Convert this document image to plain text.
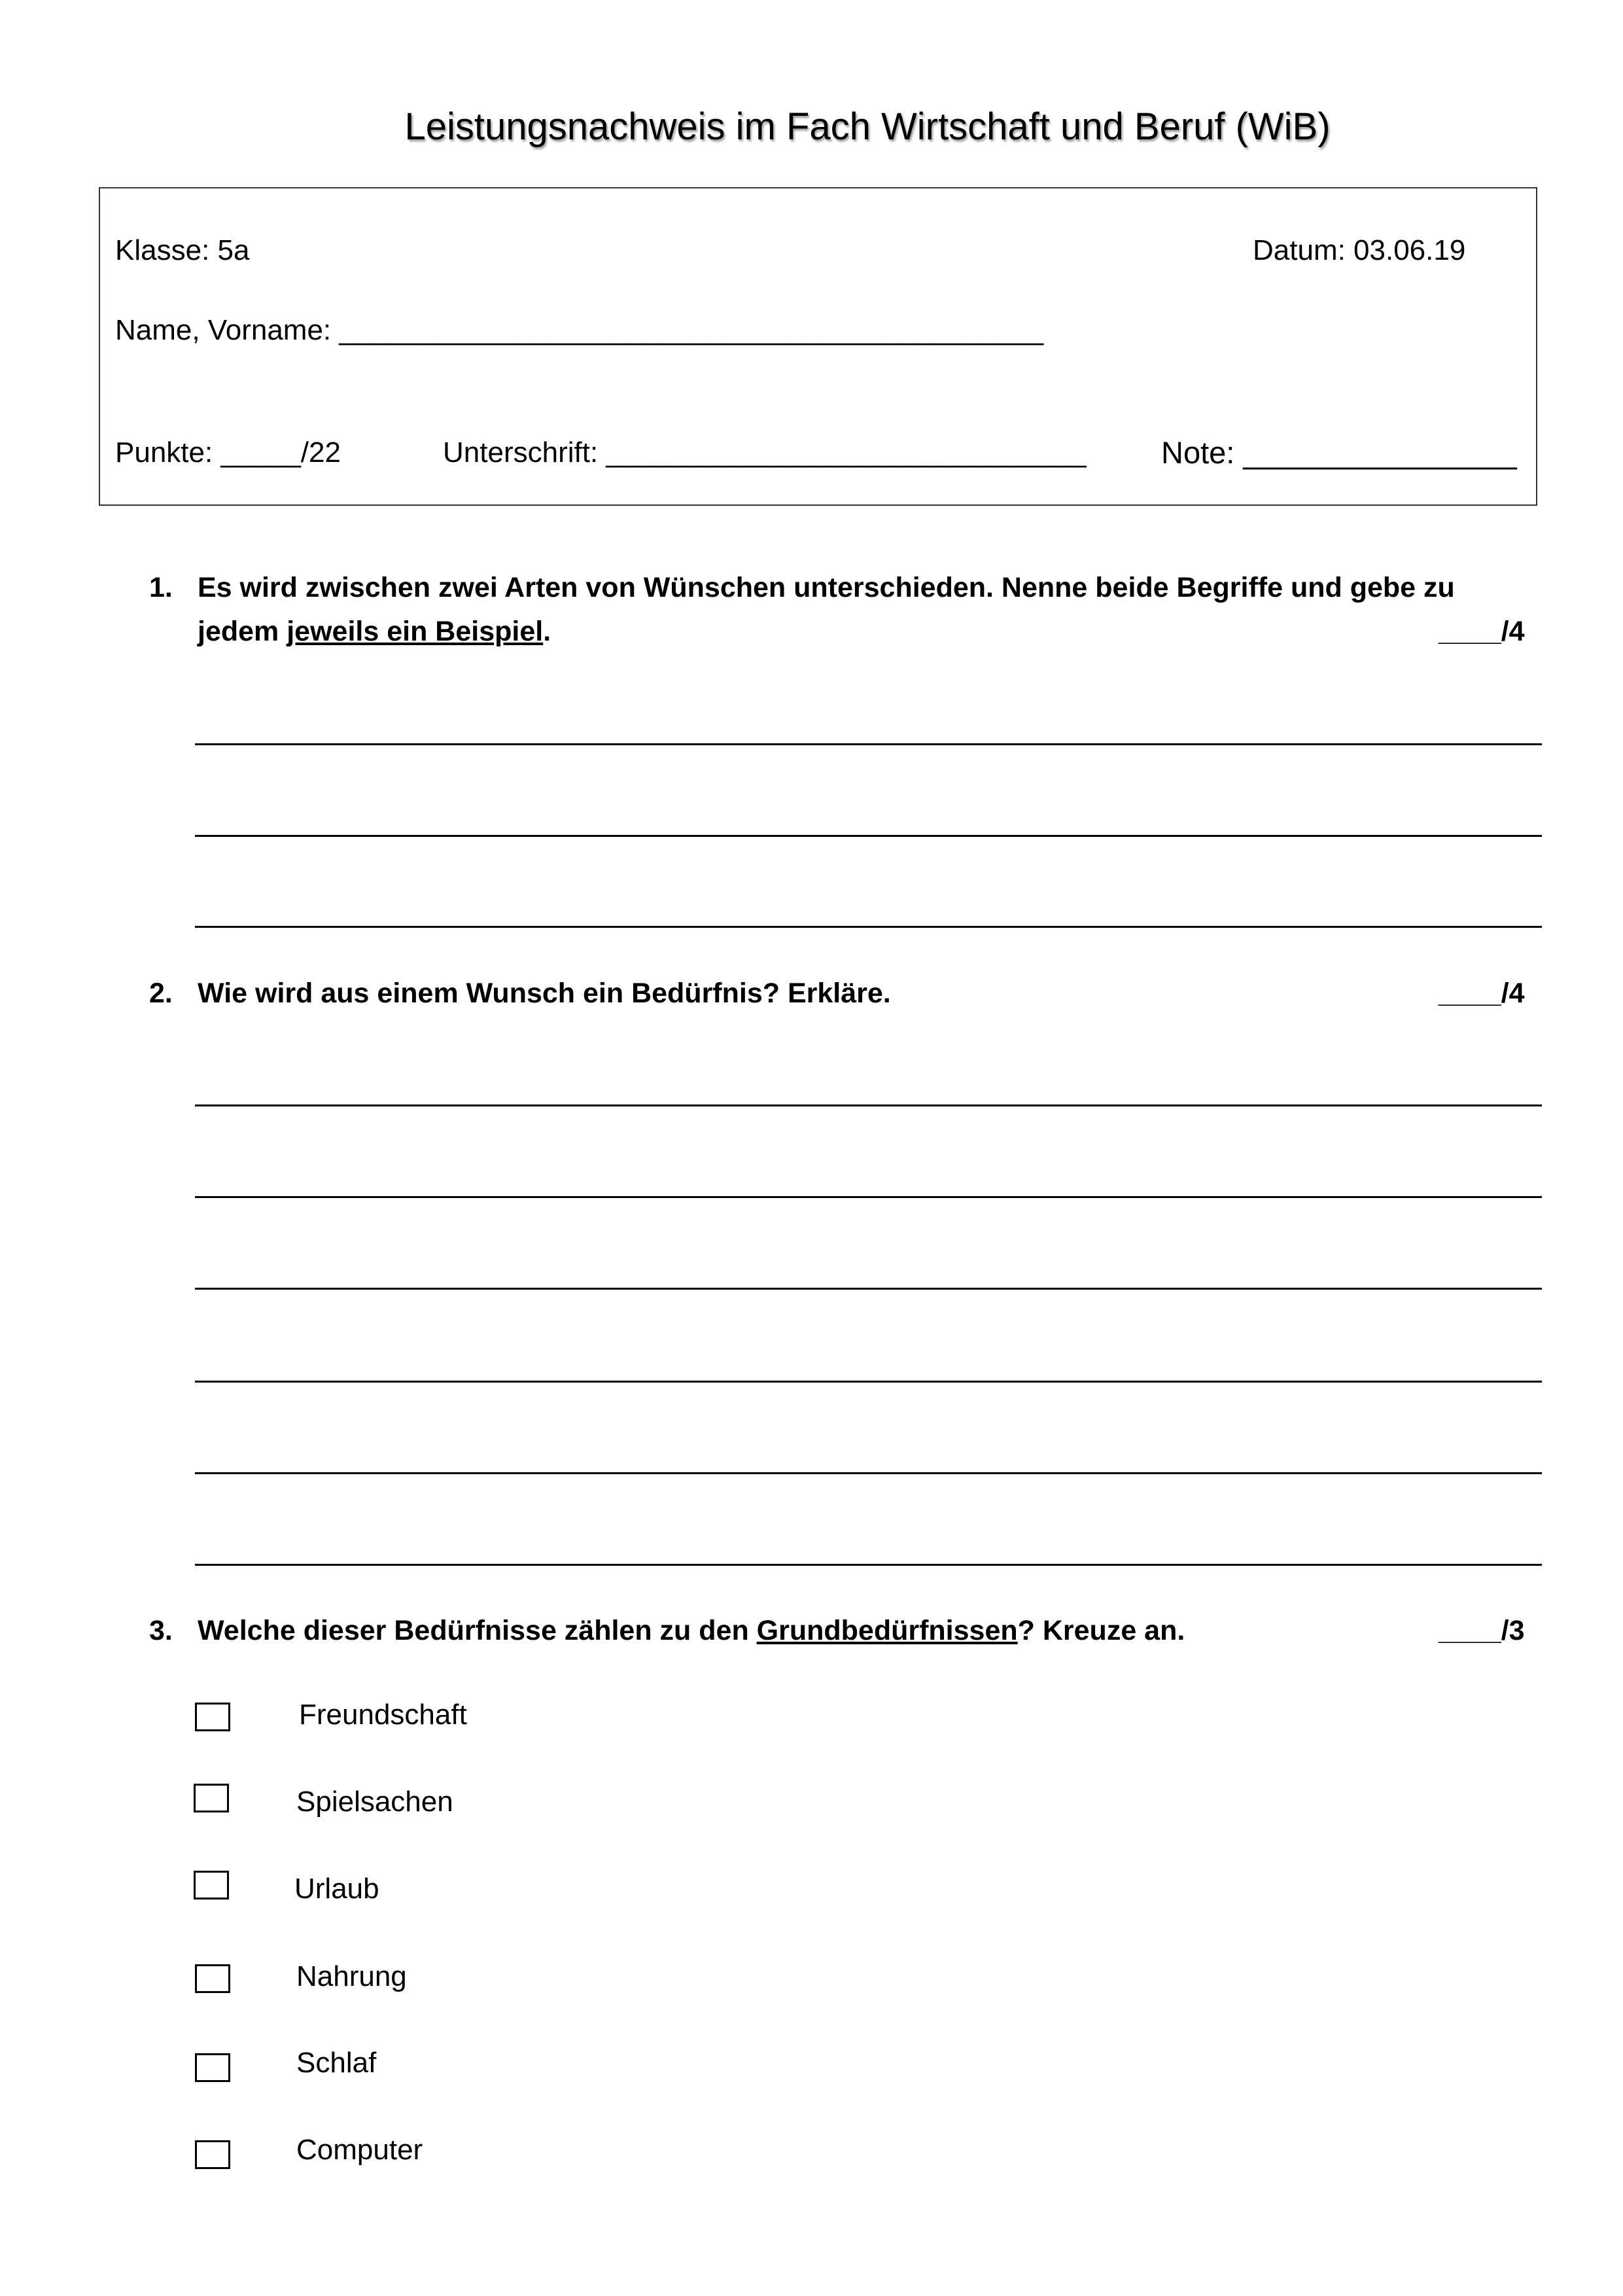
Leistungsnachweis im Fach Wirtschaft und Beruf (WiB)
Klasse: 5a	Datum: 03.06.19
Name, Vorname: ____________________________________________
Punkte: _____/22	Unterschrift: ______________________________ Note: ________________
1. Es wird zwischen zwei Arten von Wünschen unterschieden. Nenne beide Begriffe und gebe zu
jedem jeweils ein Beispiel.	____/4
2. Wie wird aus einem Wunsch ein Bedürfnis? Erkläre.	____/4
3. Welche dieser Bedürfnisse zählen zu den Grundbedürfnissen? Kreuze an.	____/3
Freundschaft
Spielsachen
Urlaub
Nahrung
Schlaf
Computer
